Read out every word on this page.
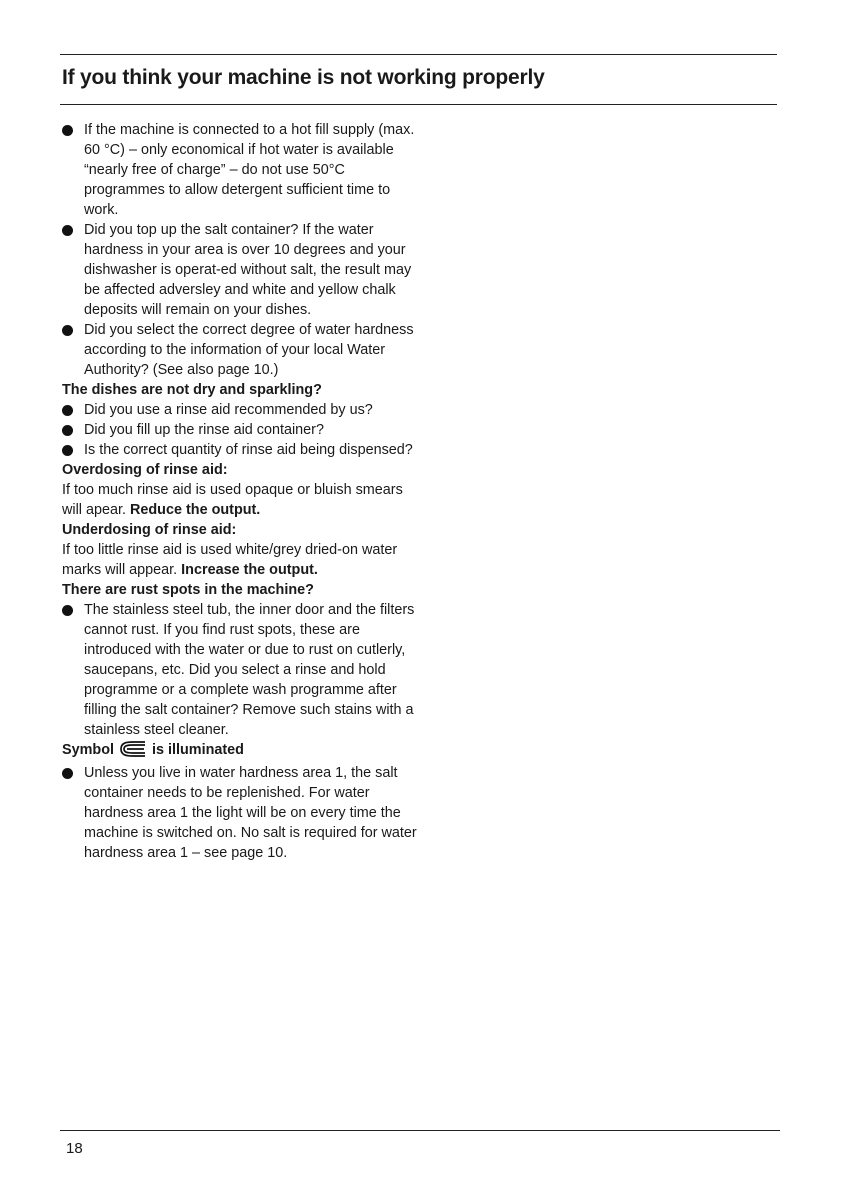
If you think your machine is not working properly
If the machine is connected to a hot fill supply (max. 60 °C) – only economical if hot water is available “nearly free of charge” – do not use 50°C programmes to allow detergent sufficient time to work.
Did you top up the salt container? If the water hardness in your area is over 10 degrees and your dishwasher is operat-ed without salt, the result may be affected adversley and white and yellow chalk deposits will remain on your dishes.
Did you select the correct degree of water hardness according to the information of your local Water Authority? (See also page 10.)
The dishes are not dry and sparkling?
Did you use a rinse aid recommended by us?
Did you fill up the rinse aid container?
Is the correct quantity of rinse aid being dispensed?
Overdosing of rinse aid:

If too much rinse aid is used opaque or bluish smears will apear. Reduce the output.

Underdosing of rinse aid:

If too little rinse aid is used white/grey dried-on water marks will appear. Increase the output.

There are rust spots in the machine?
The stainless steel tub, the inner door and the filters cannot rust. If you find rust spots, these are introduced with the water or due to rust on cutlerly, saucepans, etc. Did you select a rinse and hold programme or a complete wash programme after filling the salt container? Remove such stains with a stainless steel cleaner.
Symbol	is illuminated
Unless you live in water hardness area 1, the salt container needs to be replenished. For water hardness area 1 the light will be on every time the machine is switched on. No salt is required for water hardness area 1 – see page 10.
18
